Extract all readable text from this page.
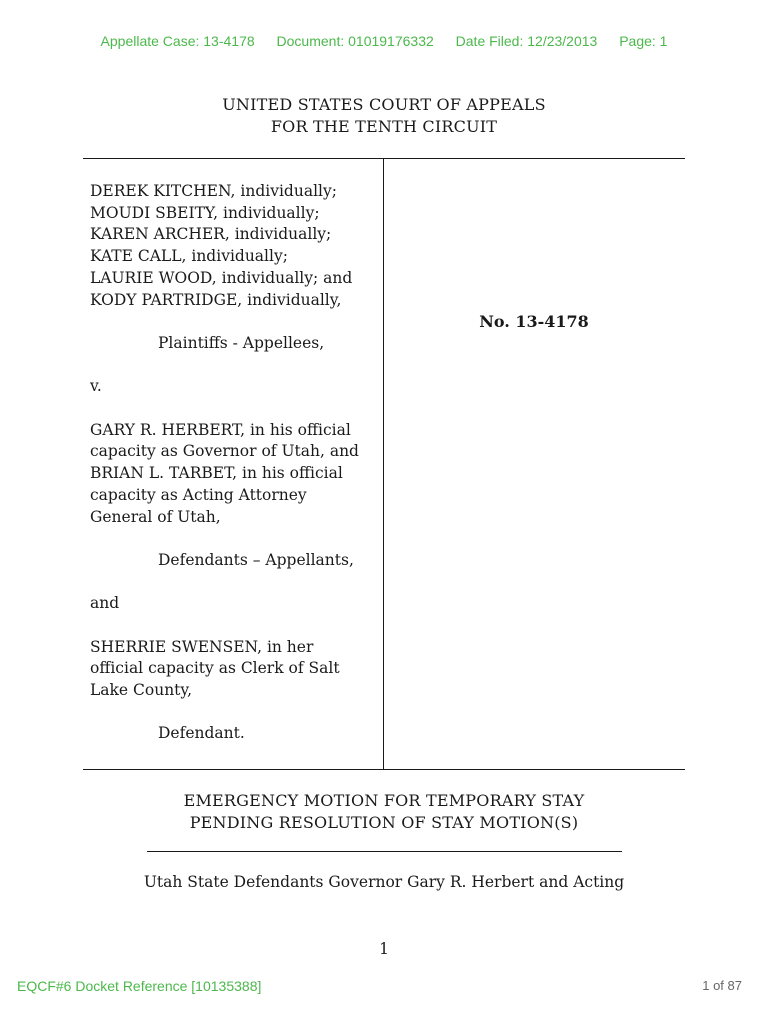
Appellate Case: 13-4178 Document: 01019176332 Date Filed: 12/23/2013 Page: 1
UNITED STATES COURT OF APPEALS
FOR THE TENTH CIRCUIT

DEREK KITCHEN, individually;

MOUDI SBEITY, individually;

KAREN ARCHER, individually;

KATE CALL, individually;

LAURIE WOOD, individually; and

KODY PARTRIDGE, individually,

Plaintiffs - Appellees,

v.

GARY R. HERBERT, in his official

capacity as Governor of Utah, and

BRIAN L. TARBET, in his official

capacity as Acting Attorney

General of Utah,

Defendants – Appellants,

and

SHERRIE SWENSEN, in her

official capacity as Clerk of Salt

Lake County,

Defendant.

No. 13-4178
EMERGENCY MOTION FOR TEMPORARY STAY
PENDING RESOLUTION OF STAY MOTION(S)
Utah State Defendants Governor Gary R. Herbert and Acting
1
EQCF#6 Docket Reference [10135388]	1 of 87
